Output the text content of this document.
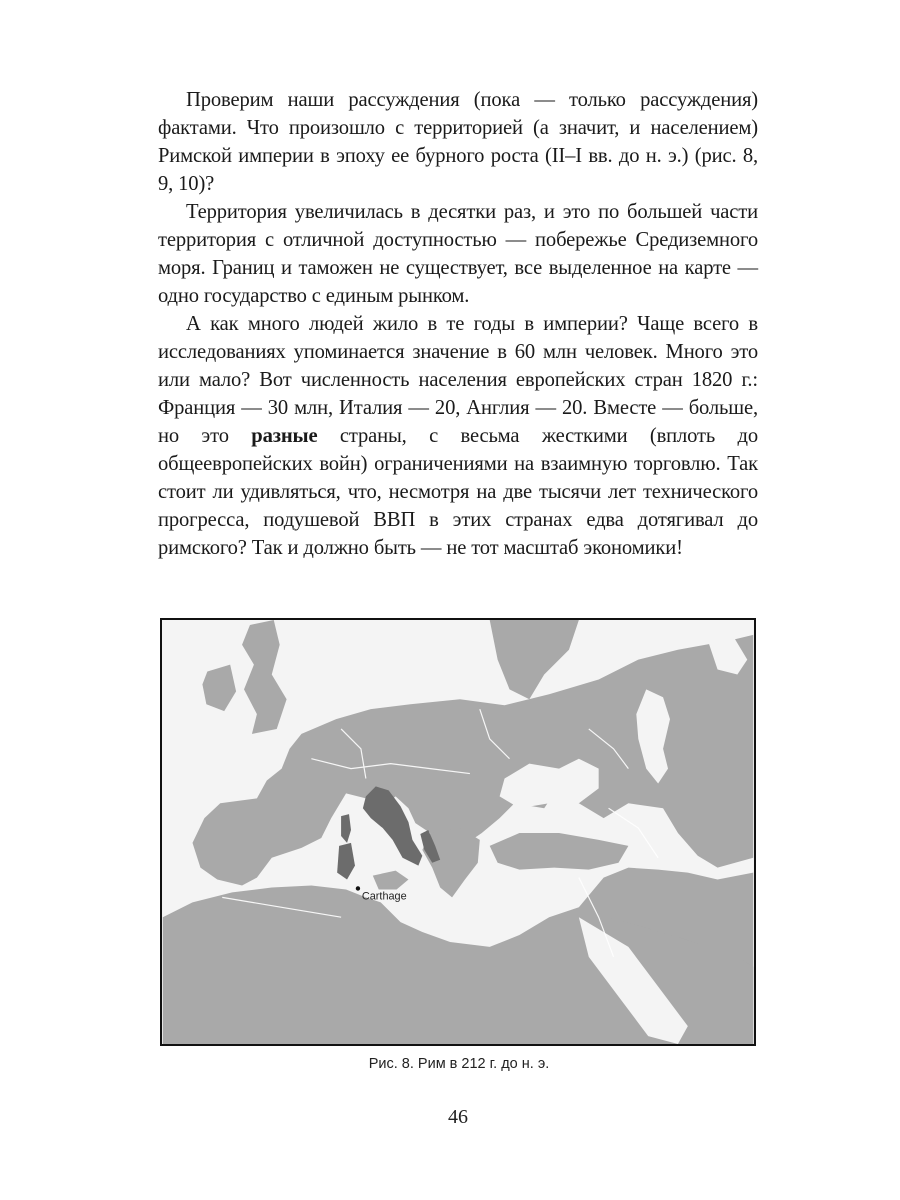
Проверим наши рассуждения (пока — только рассуждения) фактами. Что произошло с территорией (а значит, и населением) Римской империи в эпоху ее бурного роста (II–I вв. до н. э.) (рис. 8, 9, 10)?

Территория увеличилась в десятки раз, и это по большей части территория с отличной доступностью — побережье Средиземного моря. Границ и таможен не существует, все выделенное на карте — одно государство с единым рынком.

А как много людей жило в те годы в империи? Чаще всего в исследованиях упоминается значение в 60 млн человек. Много это или мало? Вот численность населения европейских стран 1820 г.: Франция — 30 млн, Италия — 20, Англия — 20. Вместе — больше, но это разные страны, с весьма жесткими (вплоть до общеевропейских войн) ограничениями на взаимную торговлю. Так стоит ли удивляться, что, несмотря на две тысячи лет технического прогресса, подушевой ВВП в этих странах едва дотягивал до римского? Так и должно быть — не тот масштаб экономики!

Carthage
Рис. 8. Рим в 212 г. до н. э.
46
